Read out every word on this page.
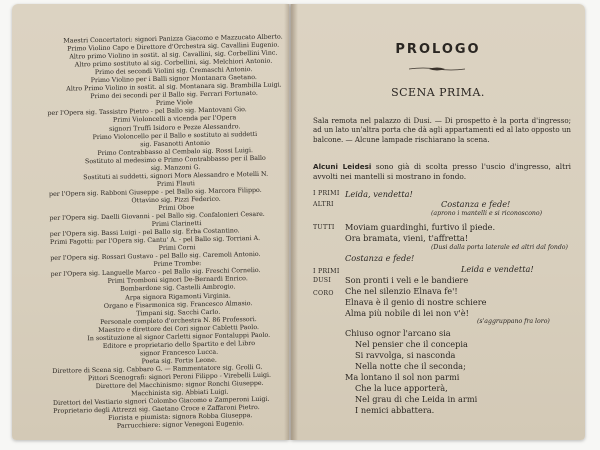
Maestri Concertatori: signori Panizza Giacomo e Mazzucato Alberto.
Primo Violino Capo e Direttore d'Orchestra sig. Cavallini Eugenio.
Altro primo Violino in sostit. al sig. Cavallini, sig. Corbellini Vinc.
Altro primo sostituto al sig. Corbellini, sig. Melchiori Antonio.
Primo dei secondi Violini sig. Cremaschi Antonio.
Primo Violino per i Balli signor Montanara Gaetano.
Altro Primo Violino in sostit. al sig. Montanara sig. Brambilla Luigi.
Primo dei secondi per il Ballo sig. Ferrari Fortunato.
Prime Viole
per l'Opera sig. Tassistro Pietro - pel Ballo sig. Mantovani Gio.
Primi Violoncelli a vicenda per l'Opera
signori Truffi Isidoro e Pezze Alessandro.
Primo Violoncello per il Ballo e sostituto ai suddetti
sig. Fasanotti Antonio
Primo Contrabbasso al Cembalo sig. Rossi Luigi.
Sostituto al medesimo e Primo Contrabbasso per il Ballo
sig. Manzoni G.
Sostituti ai suddetti, signori Mora Alessandro e Motelli N.
Primi Flauti
per l'Opera sig. Rabboni Giuseppe - pel Ballo sig. Marcora Filippo.
Ottavino sig. Pizzi Federico.
Primi Oboe
per l'Opera sig. Daelli Giovanni - pel Ballo sig. Confalonieri Cesare.
Primi Clarinetti
per l'Opera sig. Bassi Luigi - pel Ballo sig. Erba Costantino.
Primi Fagotti: per l'Opera sig. Cantu' A. - pel Ballo sig. Torriani A.
Primi Corni
per l'Opera sig. Rossari Gustavo - pel Ballo sig. Caremoli Antonio.
Prime Trombe:
per l'Opera sig. Languelle Marco - pel Ballo sig. Freschi Cornelio.
Primi Tromboni signori De-Bernardi Enrico.
Bombardone sig. Castelli Ambrogio.
Arpa signora Rigamonti Virginia.
Organo e Fisarmonica sig. Francesco Almasio.
Timpani sig. Sacchi Carlo.
Personale completo d'orchestra N. 86 Professori.
Maestro e direttore dei Cori signor Cabletti Paolo.
In sostituzione al signor Carletti signor Fontaluppi Paolo.
Editore e proprietario dello Spartito e del Libro
signor Francesco Lucca.
Poeta sig. Fortis Leone.
Direttore di Scena sig. Cabbaro G. — Rammentatore sig. Grolli G.
Pittori Scenografi: signori Peroni Filippo - Virebelli Luigi.
Direttore del Macchinismo: signor Ronchi Giuseppe.
Macchinista sig. Abbiati Luigi.
Direttori del Vestiario signori Colombo Giacomo e Zamperoni Luigi.
Proprietario degli Attrezzi sig. Gaetano Croce e Zaffaroni Pietro.
Fiorista e piumista: signora Robba Giuseppa.
Parrucchiere: signor Venegoni Eugenio.
PROLOGO
SCENA PRIMA.
Sala remota nel palazzo di Dusi. — Di prospetto è la porta d'ingresso; ad un lato un'altra porta che dà agli appartamenti ed al lato opposto un balcone. — Alcune lampade rischiarano la scena.
Alcuni Leidesi sono già di scolta presso l'uscio d'ingresso, altri avvolti nei mantelli si mostrano in fondo.
I PRIMI Leida, vendetta!
ALTRI	Costanza e fede!
(aprono i mantelli e si riconoscono)
TUTTI Moviam guardinghi, furtivo il piede.
Ora bramata, vieni, t'affretta!
(Dusi dalla porta laterale ed altri dal fondo)
Costanza e fede!
I PRIMI	Leida e vendetta!
DUSI Son pronti i veli e le bandiere
CORO Che nel silenzio Elnava fe'!
Elnava è il genio di nostre schiere
Alma più nobile di lei non v'è!
(s'aggruppano fra loro)
Chiuso ognor l'arcano sia
Nel pensier che il concepia
Si ravvolga, si nasconda
Nella notte che il seconda;
Ma lontano il sol non parmi
Che la luce apporterà,
Nel grau di che Leida in armi
I nemici abbattera.
